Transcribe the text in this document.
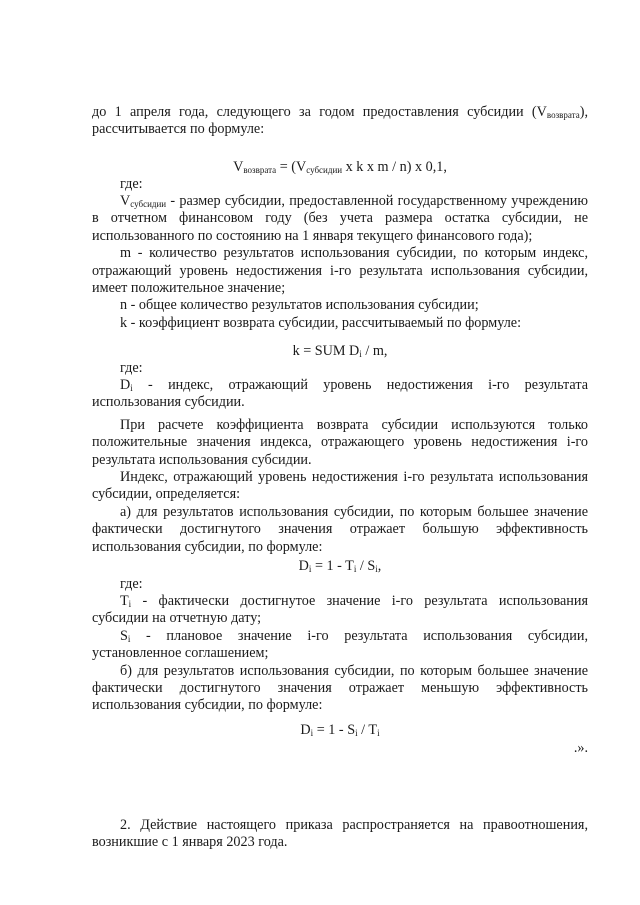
до 1 апреля года, следующего за годом предоставления субсидии $(V_{возврата})$, рассчитывается по формуле:

$V_{возврата} = (V_{субсидии}$ x k x m / n) x 0,1,

где:

$V_{субсидии}$ - размер субсидии, предоставленной государственному учреждению в отчетном финансовом году (без учета размера остатка субсидии, не использованного по состоянию на 1 января текущего финансового года);

m - количество результатов использования субсидии, по которым индекс, отражающий уровень недостижения i-го результата использования субсидии, имеет положительное значение;

n - общее количество результатов использования субсидии;

k - коэффициент возврата субсидии, рассчитываемый по формуле:

k = SUM $D_i$ / m,

где:

$D_i$ - индекс, отражающий уровень недостижения i-го результата использования субсидии.

При расчете коэффициента возврата субсидии используются только положительные значения индекса, отражающего уровень недостижения i-го результата использования субсидии.

Индекс, отражающий уровень недостижения i-го результата использования субсидии, определяется:

а) для результатов использования субсидии, по которым большее значение фактически достигнутого значения отражает большую эффективность использования субсидии, по формуле:

$D_i = 1 - T_i / S_i$,

где:

$T_i$ - фактически достигнутое значение i-го результата использования субсидии на отчетную дату;

$S_i$ - плановое значение i-го результата использования субсидии, установленное соглашением;

б) для результатов использования субсидии, по которым большее значение фактически достигнутого значения отражает меньшую эффективность использования субсидии, по формуле:

$D_i = 1 - S_i / T_i$

.».

2. Действие настоящего приказа распространяется на правоотношения, возникшие с 1 января 2023 года.
